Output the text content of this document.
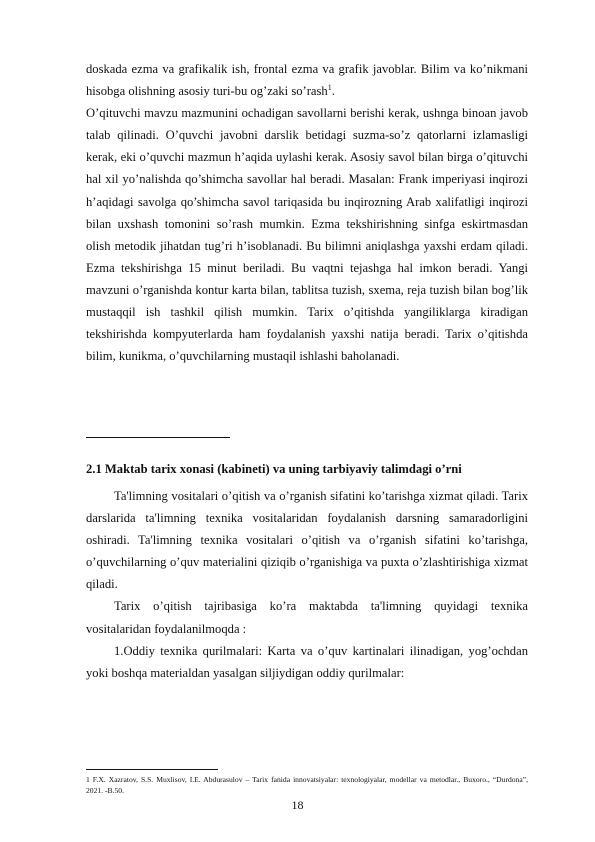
doskada ezma va grafikalik ish, frontal ezma va grafik javoblar. Bilim va ko’nikmani hisobga olishning asosiy turi-bu og’zaki so’rash$^1$.

O’qituvchi mavzu mazmunini ochadigan savollarni berishi kerak, ushnga binoan javob talab qilinadi. O’quvchi javobni darslik betidagi suzma-so’z qatorlarni izlamasligi kerak, eki o’quvchi mazmun h’aqida uylashi kerak. Asosiy savol bilan birga o’qituvchi hal xil yo’nalishda qo’shimcha savollar hal beradi. Masalan: Frank imperiyasi inqirozi h’aqidagi savolga qo’shimcha savol tariqasida bu inqirozning Arab xalifatligi inqirozi bilan uxshash tomonini so’rash mumkin. Ezma tekshirishning sinfga eskirtmasdan olish metodik jihatdan tug’ri h’isoblanadi. Bu bilimni aniqlashga yaxshi erdam qiladi. Ezma tekshirishga 15 minut beriladi. Bu vaqtni tejashga hal imkon beradi. Yangi mavzuni o’rganishda kontur karta bilan, tablitsa tuzish, sxema, reja tuzish bilan bog’lik mustaqqil ish tashkil qilish mumkin. Tarix o’qitishda yangiliklarga kiradigan tekshirishda kompyuterlarda ham foydalanish yaxshi natija beradi. Tarix o’qitishda bilim, kunikma, o’quvchilarning mustaqil ishlashi baholanadi.

2.1 Maktab tarix xonasi (kabineti) va uning tarbiyaviy talimdagi o’rni

Ta'limning vositalari o’qitish va o’rganish sifatini ko’tarishga xizmat qiladi. Tarix darslarida ta'limning texnika vositalaridan foydalanish darsning samaradorligini oshiradi. Ta'limning texnika vositalari o’qitish va o’rganish sifatini ko’tarishga, o’quvchilarning o’quv materialini qiziqib o’rganishiga va puxta o’zlashtirishiga xizmat qiladi.

Tarix o’qitish tajribasiga ko’ra maktabda ta'limning quyidagi texnika vositalaridan foydalanilmoqda :

1.Oddiy texnika qurilmalari: Karta va o’quv kartinalari ilinadigan, yog’ochdan yoki boshqa materialdan yasalgan siljiydigan oddiy qurilmalar:

1 F.X. Xazratov, S.S. Muxlisov, I.E. Abdurasulov – Tarix fanida innovatsiyalar: texnologiyalar, modellar va metodlar., Buxoro., “Durdona”, 2021. -B.50.

18
